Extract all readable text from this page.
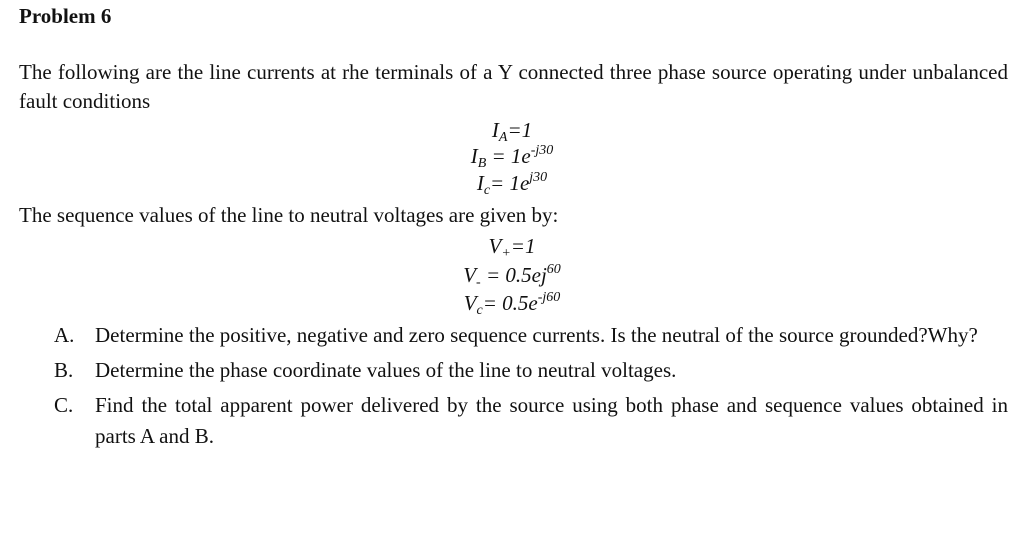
Problem 6

The following are the line currents at rhe terminals of a Y connected three phase source operating under unbalanced fault conditions

$I_A=1$
$I_B = 1e^{-j30}$
$I_c= 1e^{j30}$

The sequence values of the line to neutral voltages are given by:

$V_+=1$
$V_- = 0.5ej^{60}$
$V_c= 0.5e^{-j60}$
A. Determine the positive, negative and zero sequence currents. Is the neutral of the source grounded?Why?
B.	Determine the phase coordinate values of the line to neutral voltages.
C.	Find the total apparent power delivered by the source using both phase and sequence values obtained in parts A and B.
